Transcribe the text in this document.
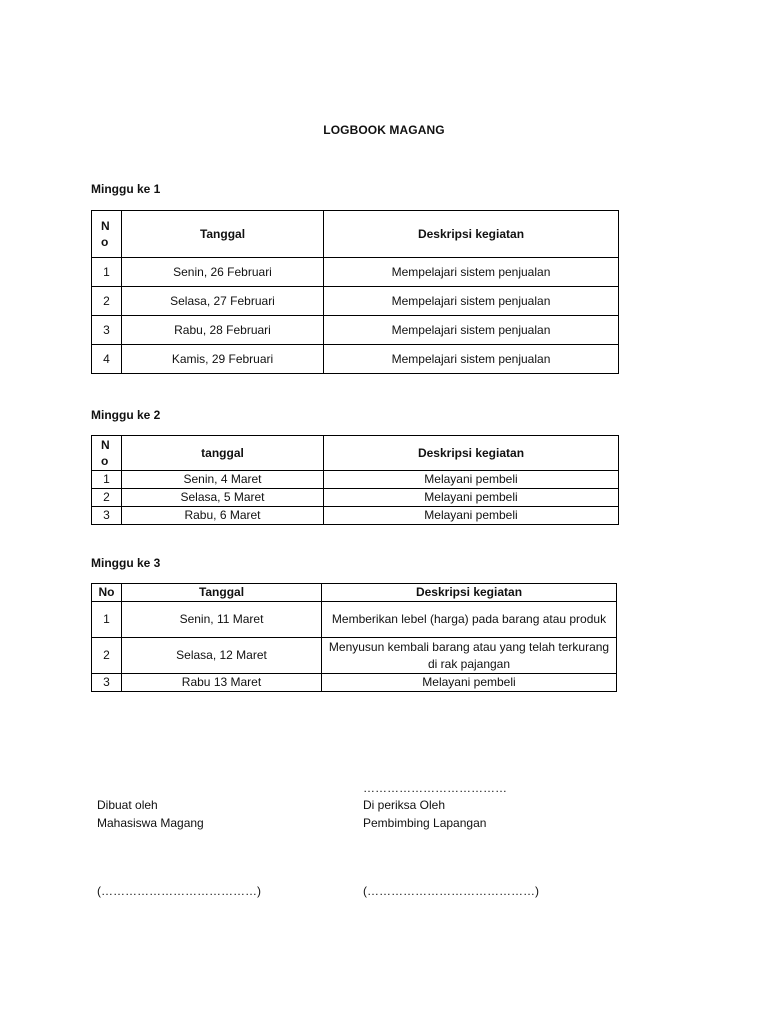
LOGBOOK MAGANG
Minggu ke 1
N
o	Tanggal	Deskripsi kegiatan
1	Senin, 26 Februari	Mempelajari sistem penjualan
2	Selasa, 27 Februari	Mempelajari sistem penjualan
3	Rabu, 28 Februari	Mempelajari sistem penjualan
4	Kamis, 29 Februari	Mempelajari sistem penjualan
Minggu ke 2
N
o	tanggal	Deskripsi kegiatan
1	Senin, 4 Maret	Melayani pembeli
2	Selasa, 5 Maret	Melayani pembeli
3	Rabu, 6 Maret	Melayani pembeli
Minggu ke 3
No	Tanggal	Deskripsi kegiatan
1	Senin, 11 Maret	Memberikan lebel (harga) pada barang atau produk
2	Selasa, 12 Maret	Menyusun kembali barang atau yang telah terkurang di rak pajangan
3	Rabu 13 Maret	Melayani pembeli
………………………………
Dibuat oleh
Mahasiswa Magang
Di periksa Oleh
Pembimbing Lapangan
(…………………………………)	(……………………………………)
